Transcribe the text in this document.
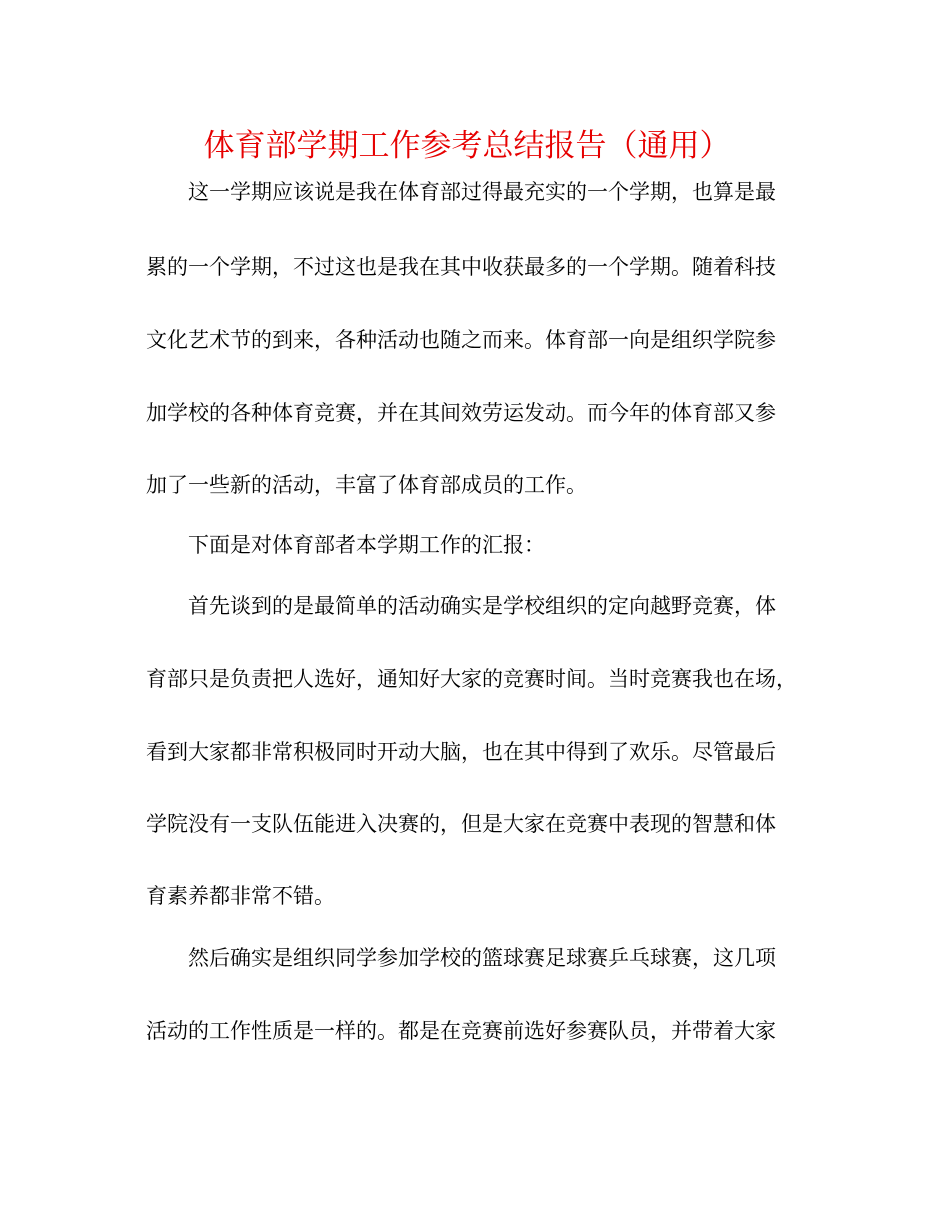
体育部学期工作参考总结报告（通用）
这一学期应该说是我在体育部过得最充实的一个学期，也算是最
累的一个学期，不过这也是我在其中收获最多的一个学期。随着科技
文化艺术节的到来，各种活动也随之而来。体育部一向是组织学院参
加学校的各种体育竞赛，并在其间效劳运发动。而今年的体育部又参
加了一些新的活动，丰富了体育部成员的工作。
下面是对体育部者本学期工作的汇报：
首先谈到的是最简单的活动确实是学校组织的定向越野竞赛，体
育部只是负责把人选好，通知好大家的竞赛时间。当时竞赛我也在场，
看到大家都非常积极同时开动大脑，也在其中得到了欢乐。尽管最后
学院没有一支队伍能进入决赛的，但是大家在竞赛中表现的智慧和体
育素养都非常不错。
然后确实是组织同学参加学校的篮球赛足球赛乒乓球赛，这几项
活动的工作性质是一样的。都是在竞赛前选好参赛队员，并带着大家
